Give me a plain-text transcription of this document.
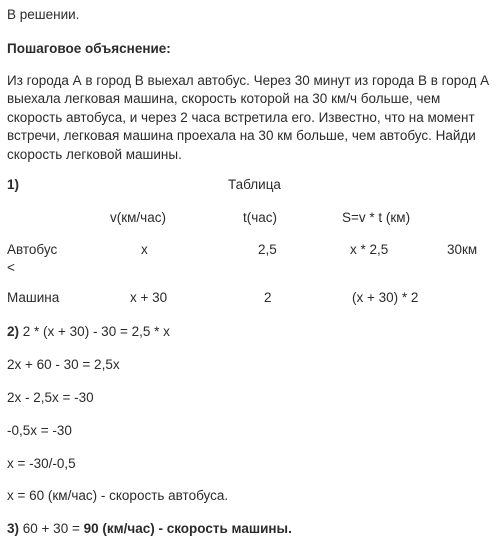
В решении.
Пошаговое объяснение:
Из города А в город В выехал автобус. Через 30 минут из города В в город А выехала легковая машина, скорость которой на 30 км/ч больше, чем скорость автобуса, и через 2 часа встретила его. Известно, что на момент встречи, легковая машина проехала на 30 км больше, чем автобус. Найди скорость легковой машины.
1)	Таблица
v(км/час)	t(час)	S=v * t (км)
Автобус	x	2,5	x * 2,5	30км
<
Машина	x + 30	2	(x + 30) * 2
2) 2 * (x + 30) - 30 = 2,5 * x
2x + 60 - 30 = 2,5x
2x - 2,5x = -30
-0,5x = -30
x = -30/-0,5
x = 60 (км/час) - скорость автобуса.
3) 60 + 30 = 90 (км/час) - скорость машины.
